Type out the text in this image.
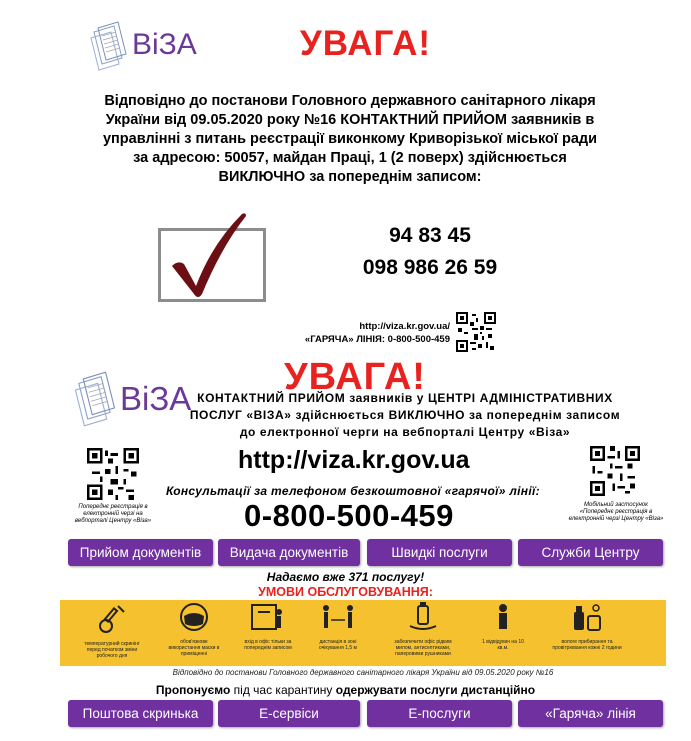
ВіЗА	УВАГА!
Відповідно до постанови Головного державного санітарного лікаря
України від 09.05.2020 року №16 КОНТАКТНИЙ ПРИЙОМ заявників в
управлінні з питань реєстрації виконкому Криворізької міської ради
за адресою: 50057, майдан Праці, 1 (2 поверх) здійснюється
ВИКЛЮЧНО за попереднім записом:
94 83 45
098 986 26 59
http://viza.kr.gov.ua/
«ГАРЯЧА» ЛІНІЯ: 0-800-500-459
ВіЗА
УВАГА!
КОНТАКТНИЙ ПРИЙОМ заявників у ЦЕНТРІ АДМІНІСТРАТИВНИХ
ПОСЛУГ «ВІЗА» здійснюється ВИКЛЮЧНО за попереднім записом
до електронної черги на вебпорталі Центру «Віза»
Попереднє реєстрація в електронній черзі на вебпорталі Центру «Віза»
Мобільний застосунок
«Попереднє реєстрація в електронній черзі Центру «Віза»
http://viza.kr.gov.ua
Консультації за телефоном безкоштовної «гарячої» лінії:
0-800-500-459
Прийом документів	Видача документів	Швидкі послуги	Служби Центру
Надаємо вже 371 послугу!
УМОВИ ОБСЛУГОВУВАННЯ:
температурний скринінг перед початком зміни робочого дня
обов'язкове використання маски в приміщенні
вхід в офіс тільки за попереднім записом
дистанція в зоні очікування 1,5 м
забезпечити офіс рідким милом, антисептиками, паперовими рушниками
1 відвідувач на 10 кв.м.
вологе прибирання та провітрювання кожні 2 години
Відповідно до постанови Головного державного санітарного лікаря України від 09.05.2020 року №16
Пропонуємо під час карантину одержувати послуги дистанційно
Поштова скринька	Е-сервіси	Е-послуги	«Гаряча» лінія
